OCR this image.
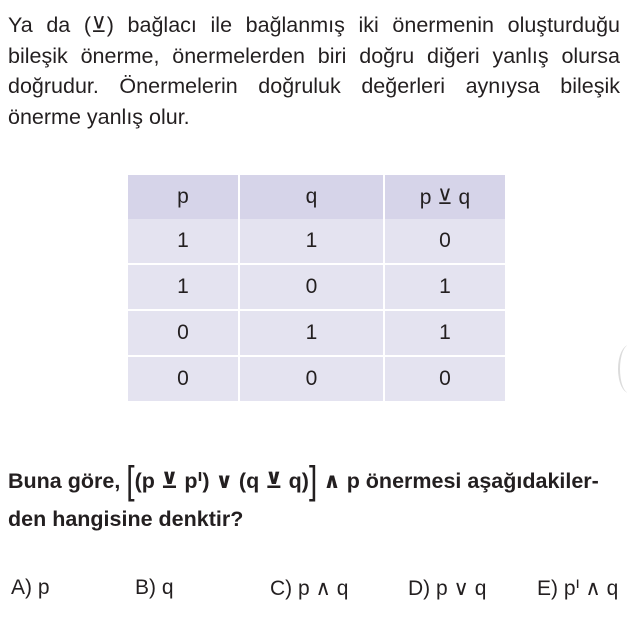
Ya da (⊻) bağlacı ile bağlanmış iki önermenin oluşturduğu bileşik önerme, önermelerden biri doğru diğeri yanlış olursa doğrudur. Önermelerin doğruluk değerleri aynıysa bileşik önerme yanlış olur.
p	q	p ⊻ q
1	1	0
1	0	1
0	1	1
0	0	0
Buna göre, [(p ⊻ pᑊ) ∨ (q ⊻ q)] ∧ p önermesi aşağıdakiler-
den hangisine denktir?
A) p	B) q	C) p ∧ q	D) p ∨ q E) pᑊ ∧ q
